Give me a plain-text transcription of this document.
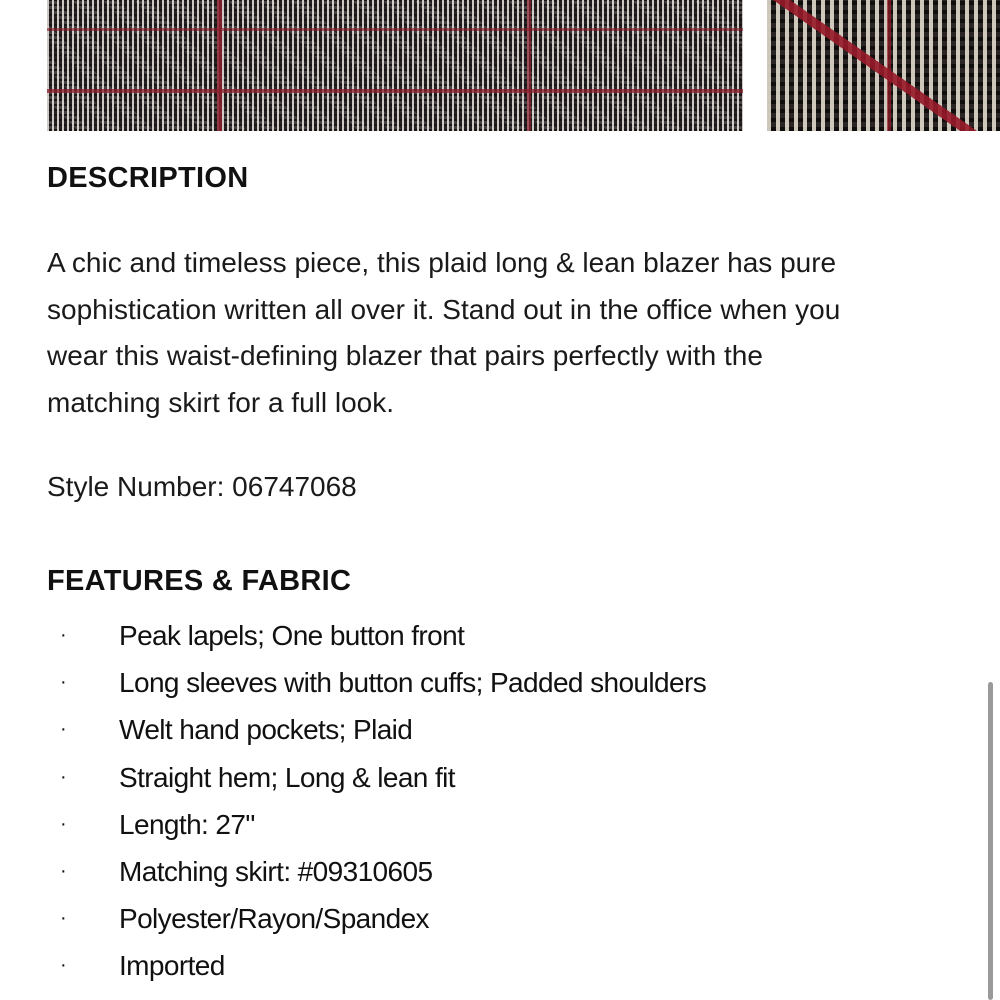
DESCRIPTION

A chic and timeless piece, this plaid long & lean blazer has pure
sophistication written all over it. Stand out in the office when you
wear this waist-defining blazer that pairs perfectly with the
matching skirt for a full look.

Style Number: 06747068

FEATURES & FABRIC
· Peak lapels; One button front
· Long sleeves with button cuffs; Padded shoulders
· Welt hand pockets; Plaid
· Straight hem; Long & lean fit
· Length: 27"
· Matching skirt: #09310605
· Polyester/Rayon/Spandex
· Imported
